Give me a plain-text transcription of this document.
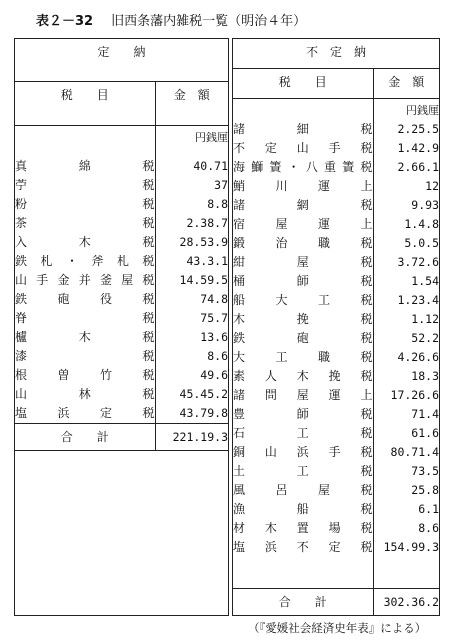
表２－32 旧西条藩内雑税一覧（明治４年）
定　　納
税　　目	金　額
	円銭厘

真	綿	税	40.71

苧	税	37

粉	税	8.8

茶	税	2.38.7

入	木	税	28.53.9

鉄 札 ・ 斧 札 税	43.3.1

山 手 金 并 釜 屋 税	14.59.5

鉄	砲	役	税	74.8

脊	税	75.7

櫨	木	税	13.6

漆	税	8.6

根	曽	竹	税	49.6

山	林	税	45.45.2

塩	浜	定	税	43.79.8
合　　計	221.19.3

不　定　納
税　　目	金　額
	円銭厘

諸	細	税	2.25.5

不 定 山 手 税	1.42.9

海 鰤 簀 ・ 八 重 簀 税	2.66.1

鮹	川	運	上	12

諸	網	税	9.93

宿	屋	運	上	1.4.8

鍛	治	職	税	5.0.5

紺	屋	税	3.72.6

桶	師	税	1.54

船	大	工	税	1.23.4

木	挽	税	1.12

鉄	砲	税	52.2

大	工	職	税	4.26.6

素 人 木 挽 税	18.3

諸 問 屋 運 上	17.26.6

豊	師	税	71.4

石	工	税	61.6

銅 山 浜 手 税	80.71.4

土	工	税	73.5

風	呂	屋	税	25.8

漁	船	税	6.1

材 木 置 場 税	8.6

塩 浜 不 定 税	154.99.3

合　　計	302.36.2
（『愛媛社会経済史年表』による）
